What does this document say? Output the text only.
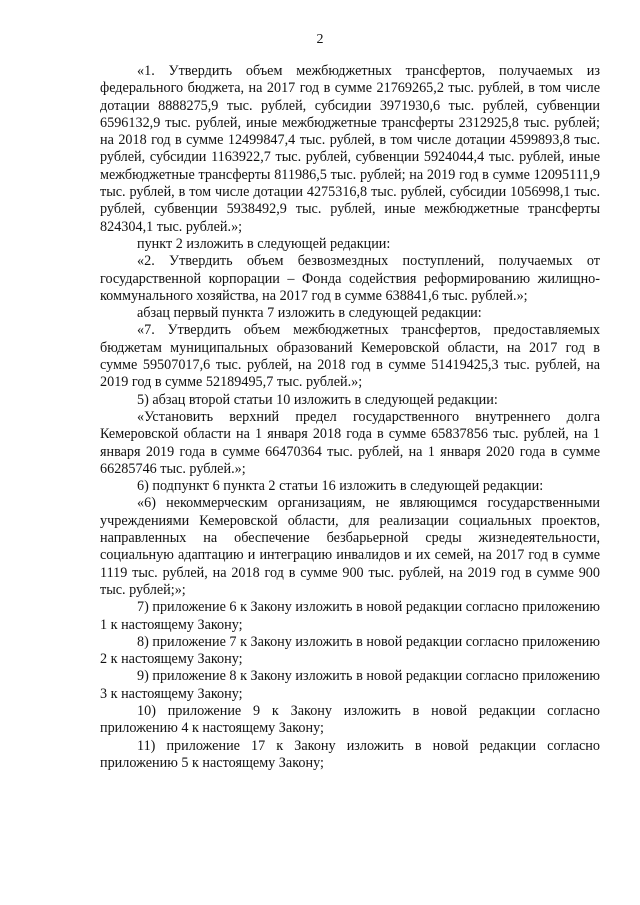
2

«1. Утвердить объем межбюджетных трансфертов, получаемых из федерального бюджета, на 2017 год в сумме 21769265,2 тыс. рублей, в том числе дотации 8888275,9 тыс. рублей, субсидии 3971930,6 тыс. рублей, субвенции 6596132,9 тыс. рублей, иные межбюджетные трансферты 2312925,8 тыс. рублей; на 2018 год в сумме 12499847,4 тыс. рублей, в том числе дотации 4599893,8 тыс. рублей, субсидии 1163922,7 тыс. рублей, субвенции 5924044,4 тыс. рублей, иные межбюджетные трансферты 811986,5 тыс. рублей; на 2019 год в сумме 12095111,9 тыс. рублей, в том числе дотации 4275316,8 тыс. рублей, субсидии 1056998,1 тыс. рублей, субвенции 5938492,9 тыс. рублей, иные межбюджетные трансферты 824304,1 тыс. рублей.»;

пункт 2 изложить в следующей редакции:

«2. Утвердить объем безвозмездных поступлений, получаемых от государственной корпорации – Фонда содействия реформированию жилищно-коммунального хозяйства, на 2017 год в сумме 638841,6 тыс. рублей.»;

абзац первый пункта 7 изложить в следующей редакции:

«7. Утвердить объем межбюджетных трансфертов, предоставляемых бюджетам муниципальных образований Кемеровской области, на 2017 год в сумме 59507017,6 тыс. рублей, на 2018 год в сумме 51419425,3 тыс. рублей, на 2019 год в сумме 52189495,7 тыс. рублей.»;

5) абзац второй статьи 10 изложить в следующей редакции:

«Установить верхний предел государственного внутреннего долга Кемеровской области на 1 января 2018 года в сумме 65837856 тыс. рублей, на 1 января 2019 года в сумме 66470364 тыс. рублей, на 1 января 2020 года в сумме 66285746 тыс. рублей.»;

6) подпункт 6 пункта 2 статьи 16 изложить в следующей редакции:

«6) некоммерческим организациям, не являющимся государственными учреждениями Кемеровской области, для реализации социальных проектов, направленных на обеспечение безбарьерной среды жизнедеятельности, социальную адаптацию и интеграцию инвалидов и их семей, на 2017 год в сумме 1119 тыс. рублей, на 2018 год в сумме 900 тыс. рублей, на 2019 год в сумме 900 тыс. рублей;»;

7) приложение 6 к Закону изложить в новой редакции согласно приложению 1 к настоящему Закону;

8) приложение 7 к Закону изложить в новой редакции согласно приложению 2 к настоящему Закону;

9) приложение 8 к Закону изложить в новой редакции согласно приложению 3 к настоящему Закону;

10) приложение 9 к Закону изложить в новой редакции согласно приложению 4 к настоящему Закону;

11) приложение 17 к Закону изложить в новой редакции согласно приложению 5 к настоящему Закону;
